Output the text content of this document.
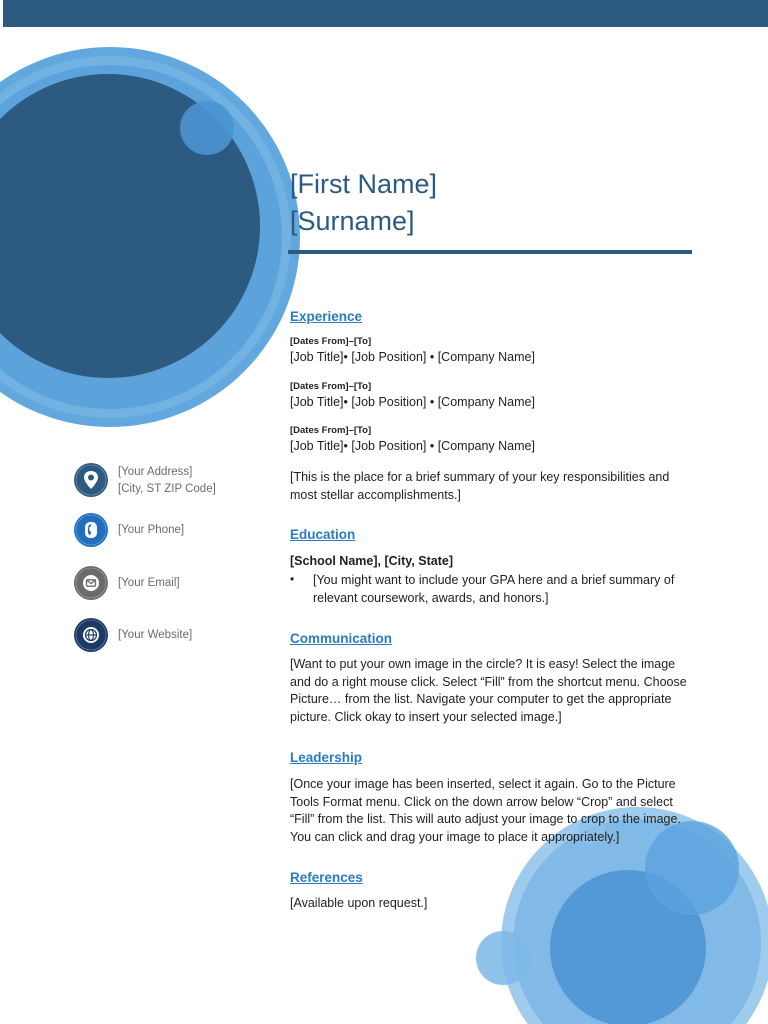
[First Name]
[Surname]
Experience
[Dates From]–[To]
[Job Title]• [Job Position] • [Company Name]
[Dates From]–[To]
[Job Title]• [Job Position] • [Company Name]
[Dates From]–[To]
[Job Title]• [Job Position] • [Company Name]
[This is the place for a brief summary of your key responsibilities and most stellar accomplishments.]
Education
[School Name], [City, State]
• [You might want to include your GPA here and a brief summary of relevant coursework, awards, and honors.]
Communication
[Want to put your own image in the circle? It is easy! Select the image and do a right mouse click. Select “Fill” from the shortcut menu. Choose Picture… from the list. Navigate your computer to get the appropriate picture. Click okay to insert your selected image.]
Leadership
[Once your image has been inserted, select it again. Go to the Picture Tools Format menu. Click on the down arrow below “Crop” and select “Fill” from the list. This will auto adjust your image to crop to the image. You can click and drag your image to place it appropriately.]
References
[Available upon request.]
[Your Address]
[City, ST ZIP Code]
[Your Phone]
[Your Email]
[Your Website]
